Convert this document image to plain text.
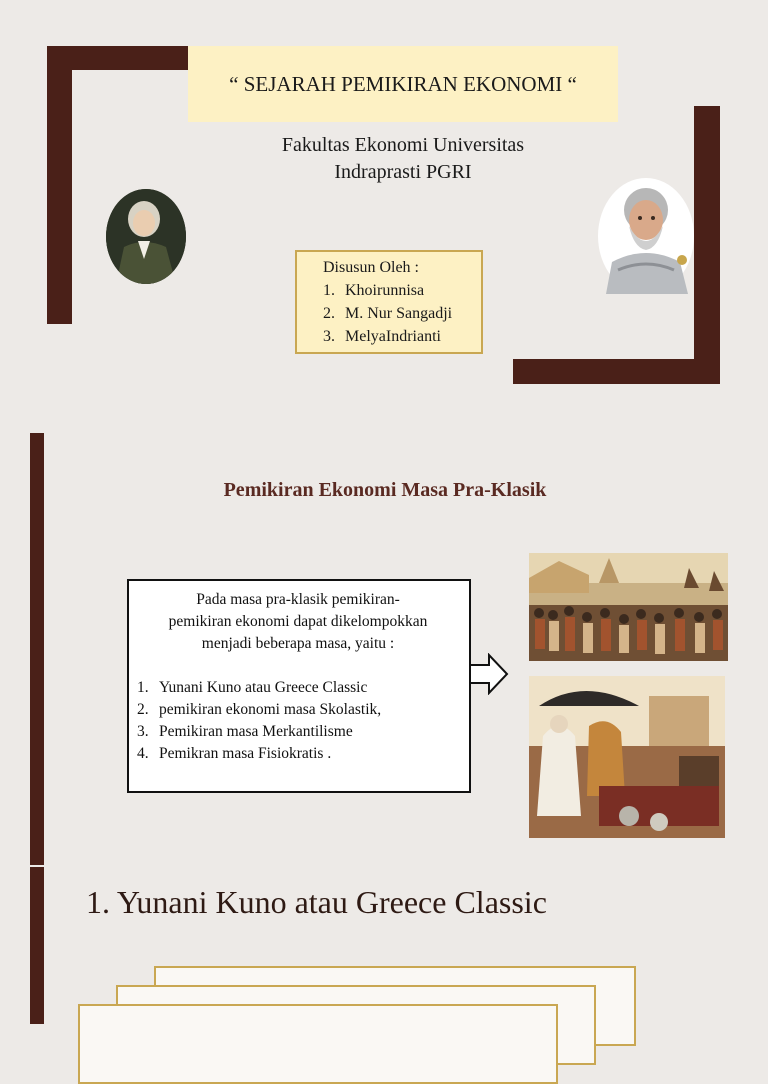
“ SEJARAH PEMIKIRAN EKONOMI “
Fakultas Ekonomi Universitas
Indraprasti PGRI
Disusun Oleh :
1. Khoirunnisa
2. M. Nur Sangadji
3. MelyaIndrianti
Pemikiran Ekonomi Masa Pra-Klasik
Pada masa pra-klasik pemikiran-
pemikiran ekonomi dapat dikelompokkan
menjadi beberapa masa, yaitu :
1. Yunani Kuno atau Greece Classic
2. pemikiran ekonomi masa Skolastik,
3. Pemikiran masa Merkantilisme
4. Pemikran masa Fisiokratis .
1. Yunani Kuno atau Greece Classic
